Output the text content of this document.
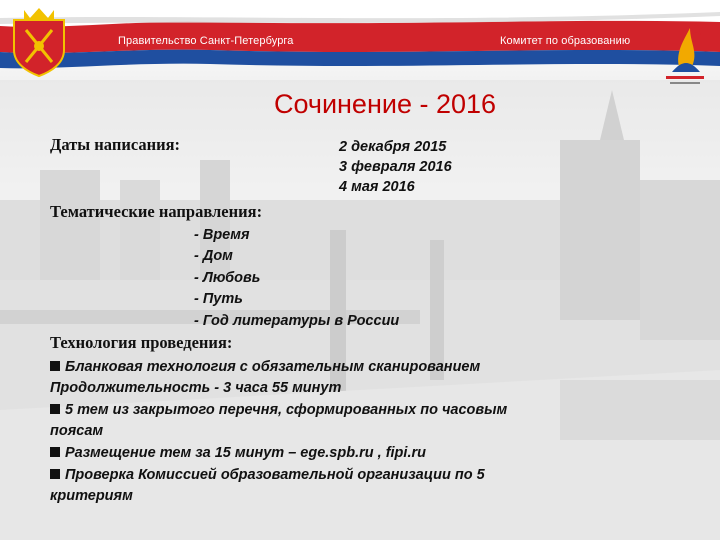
Правительство Санкт-Петербурга	Комитет по образованию
Сочинение - 2016
Даты написания:	2 декабря 2015
3 февраля 2016
4 мая 2016
Тематические направления:
- Время
- Дом
- Любовь
- Путь
- Год литературы в России
Технология проведения:
Бланковая технология с обязательным сканированием
Продолжительность - 3 часа 55 минут
5 тем из закрытого перечня, сформированных по часовым
поясам
Размещение тем за 15 минут – ege.spb.ru , fipi.ru
Проверка Комиссией образовательной организации по 5
критериям
